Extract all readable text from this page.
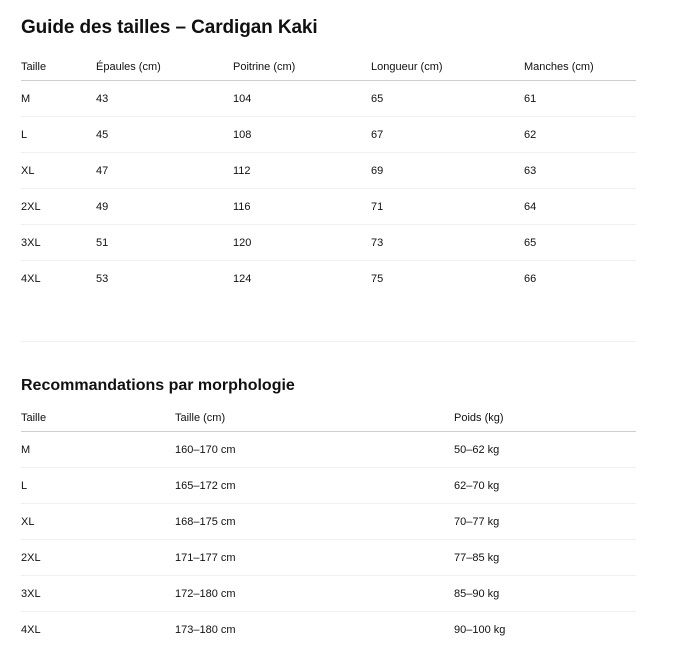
Guide des tailles – Cardigan Kaki
Taille	Épaules (cm)	Poitrine (cm)	Longueur (cm)	Manches (cm)
M	43	104	65	61
L	45	108	67	62
XL	47	112	69	63
2XL	49	116	71	64
3XL	51	120	73	65
4XL	53	124	75	66
Recommandations par morphologie
Taille	Taille (cm)	Poids (kg)
M	160–170 cm	50–62 kg
L	165–172 cm	62–70 kg
XL	168–175 cm	70–77 kg
2XL	171–177 cm	77–85 kg
3XL	172–180 cm	85–90 kg
4XL	173–180 cm	90–100 kg
